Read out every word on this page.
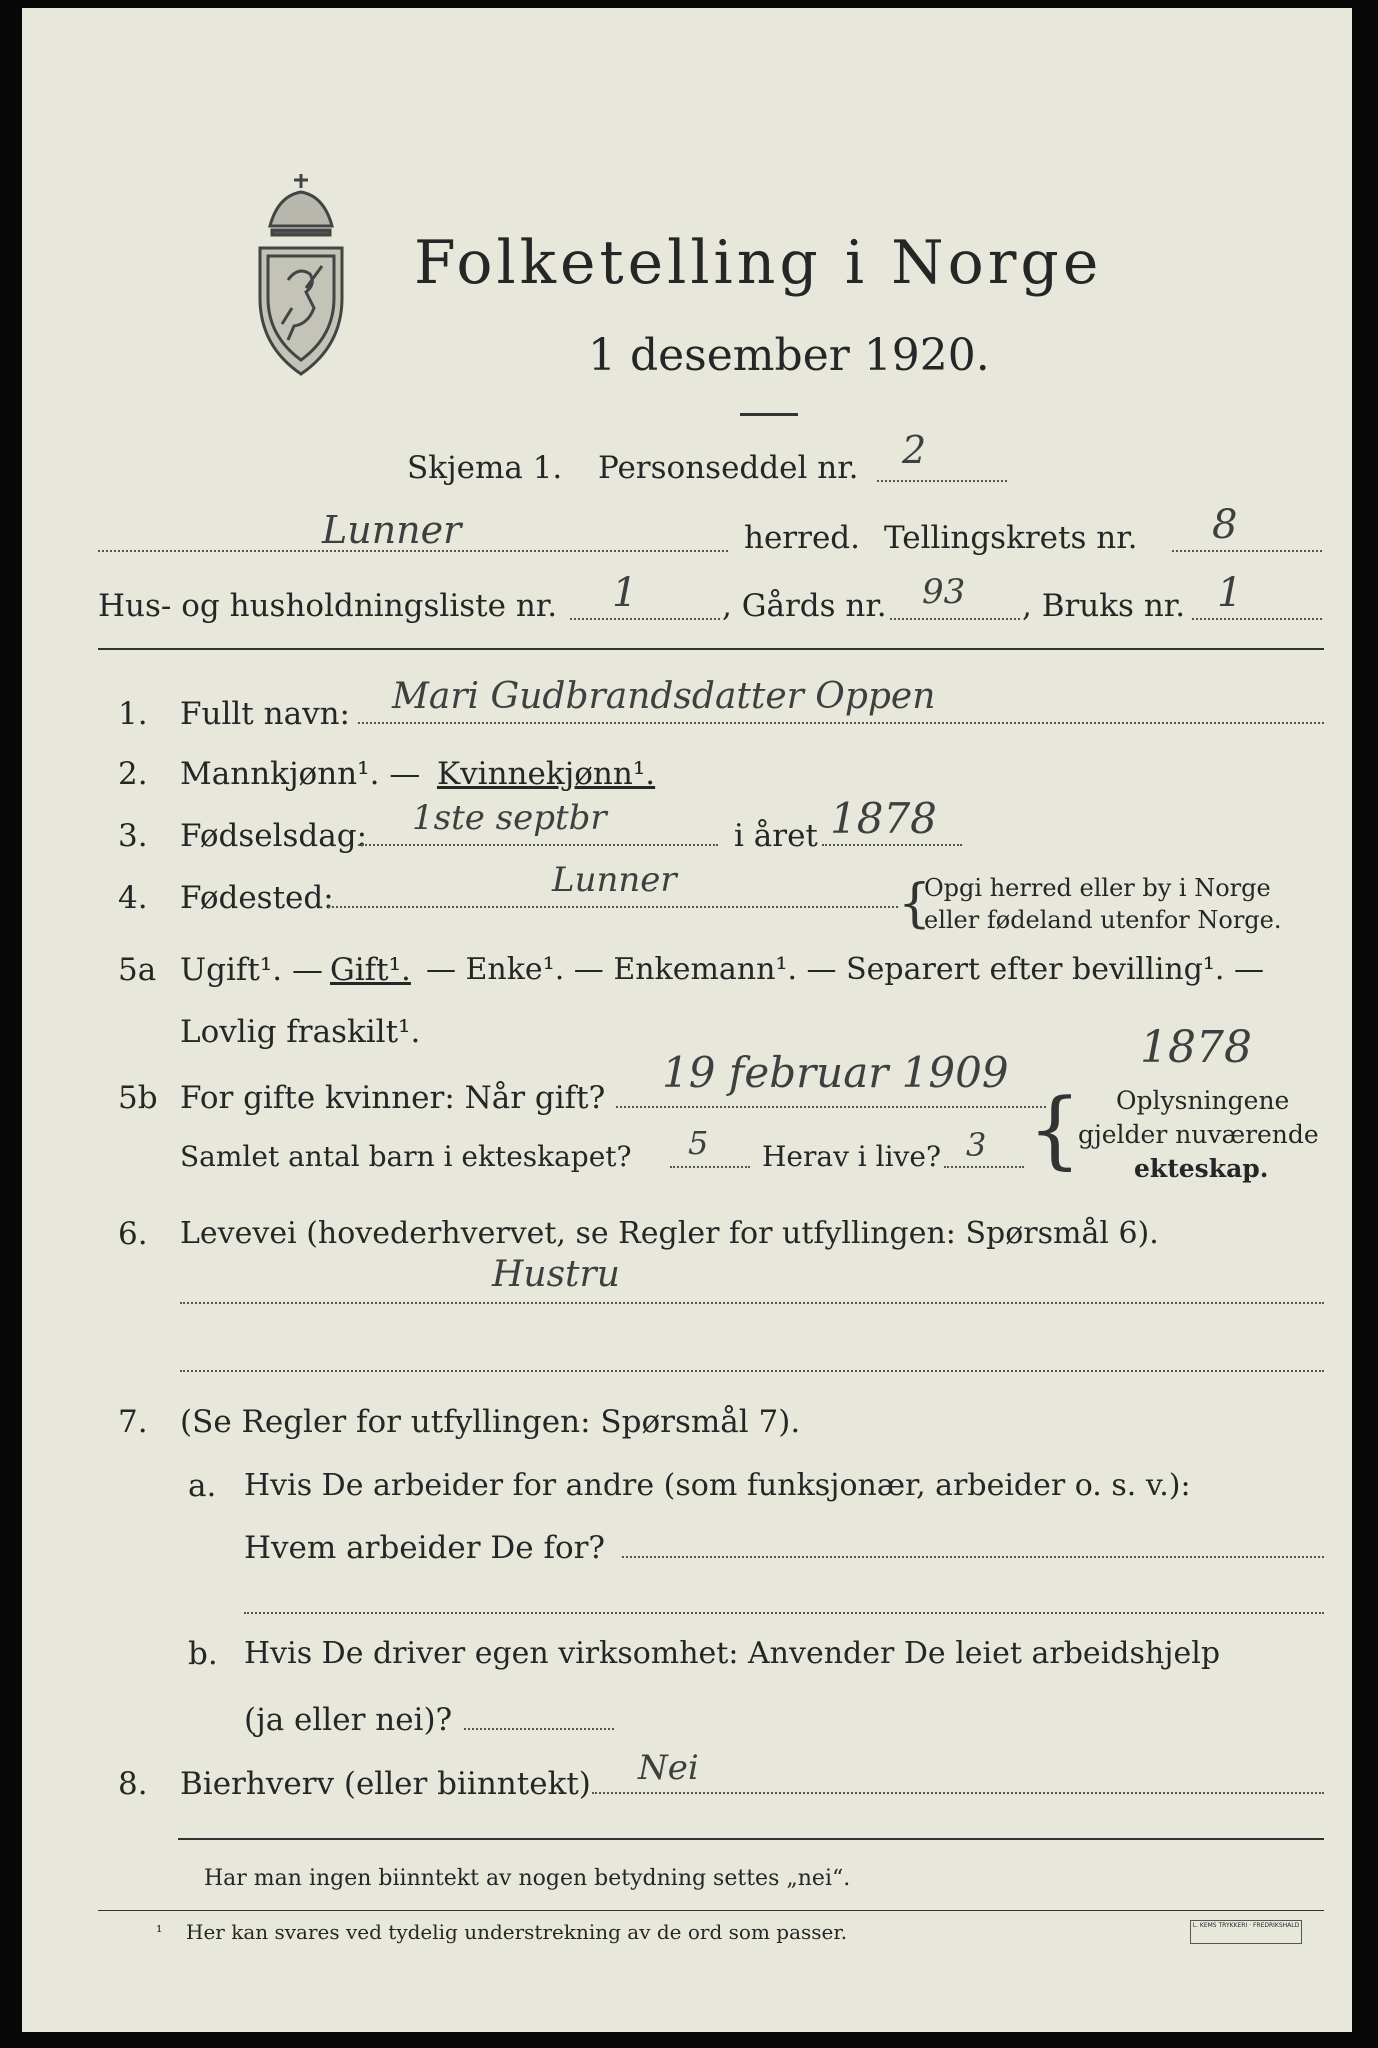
Folketelling i Norge
1 desember 1920.
Skjema 1. Personseddel nr. 2
Lunner	herred. Tellingskrets nr. 8
Hus- og husholdningsliste nr. 1	, Gårds nr. 93 , Bruks nr. 1
1. Fullt navn: Mari Gudbrandsdatter Oppen
2. Mannkjønn¹. — Kvinnekjønn¹.
3. Fødselsdag: 1ste septbr	i året 1878
4. Fødested:	Lunner	{
Opgi herred eller by i Norge
eller fødeland utenfor Norge.
5a Ugift¹. — Gift¹. — Enke¹. — Enkemann¹. — Separert efter bevilling¹. —
Lovlig fraskilt¹.
5b For gifte kvinner: Når gift?
19 februar 1909	1878
Samlet antal barn i ekteskapet? 5 Herav i live? 3 { Oplysningene
gjelder nuværende
ekteskap.
6. Levevei (hovederhvervet, se Regler for utfyllingen: Spørsmål 6).
Hustru
7. (Se Regler for utfyllingen: Spørsmål 7).
a. Hvis De arbeider for andre (som funksjonær, arbeider o. s. v.):
Hvem arbeider De for?
b. Hvis De driver egen virksomhet: Anvender De leiet arbeidshjelp
(ja eller nei)?
8. Bierhverv (eller biinntekt) Nei
Har man ingen biinntekt av nogen betydning settes „nei“.
¹ Her kan svares ved tydelig understrekning av de ord som passer.	L. KEMS TRYKKERI · FREDRIKSHALD
